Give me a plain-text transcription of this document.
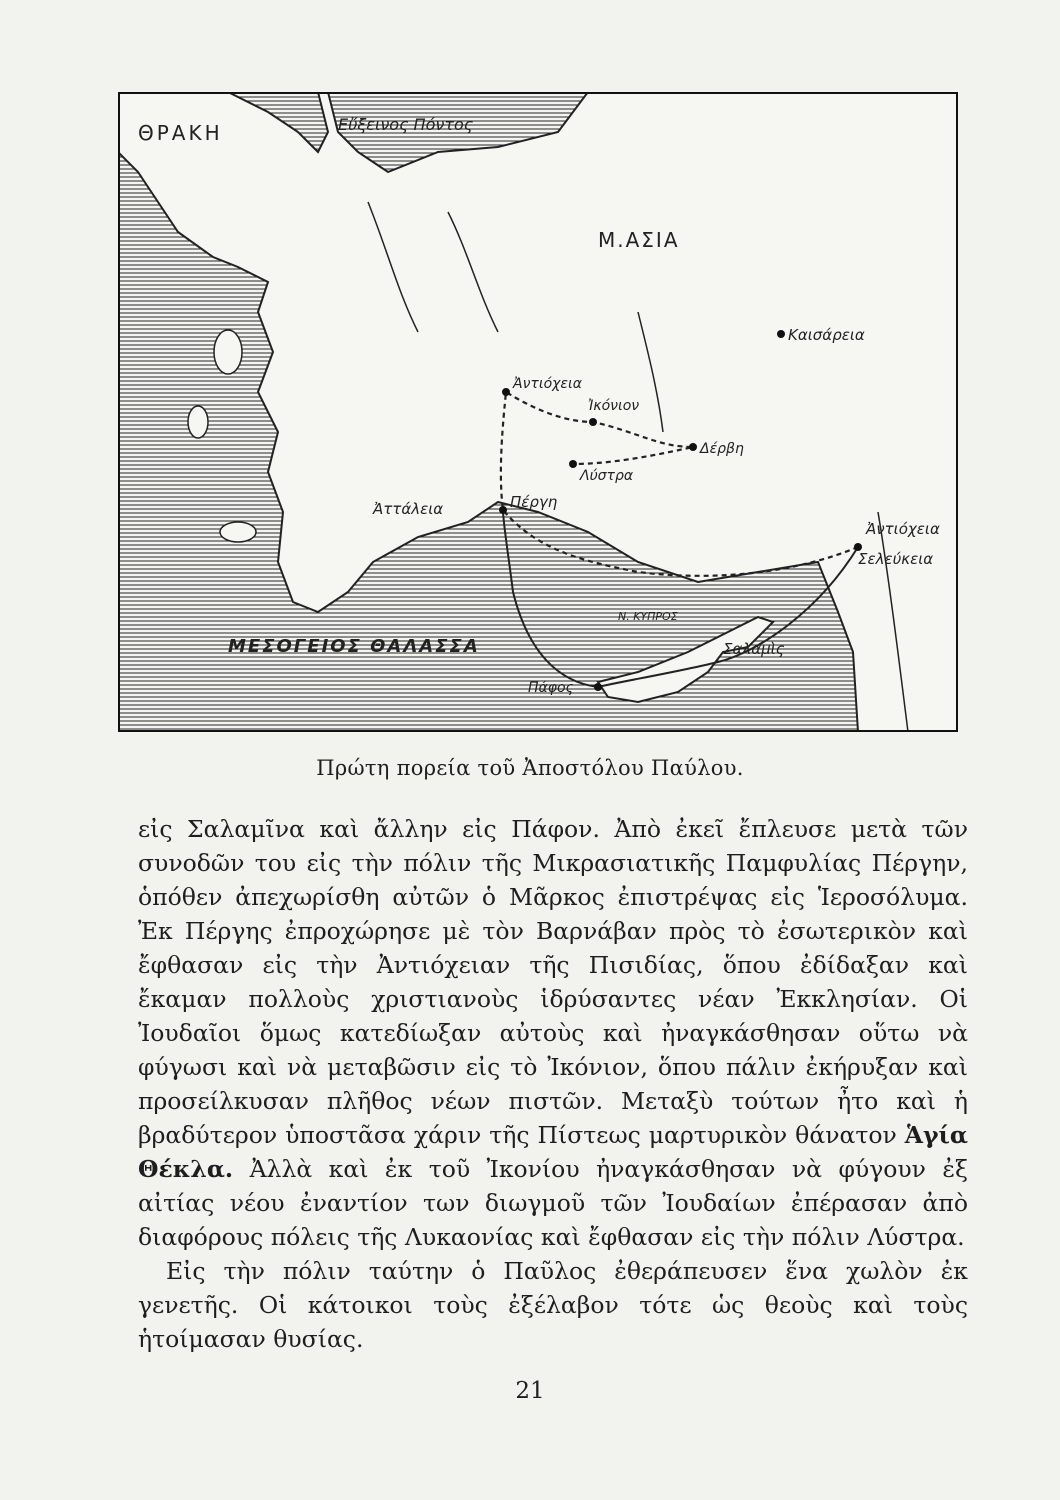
ΘΡΑΚΗ	Εὔξεινος Πόντος
Μ.ΑΣΙΑ
Καισάρεια
Ἀντιόχεια
Ἰκόνιον
Δέρβη
Λύστρα
Ἀττάλεια	Πέργη
Ἀντιόχεια
Σελεύκεια
Ν. ΚΥΠΡΟΣ
ΜΕΣΟΓΕΙΟΣ ΘΑΛΑΣΣΑ	Σαλαμὶς
Πάφος
Πρώτη πορεία τοῦ Ἀποστόλου Παύλου.

εἰς Σαλαμῖνα καὶ ἄλλην εἰς Πάφον. Ἀπὸ ἐκεῖ ἔπλευσε μετὰ τῶν συνοδῶν του εἰς τὴν πόλιν τῆς Μικρασιατικῆς Παμφυλίας Πέργην, ὁπόθεν ἀπεχωρίσθη αὐτῶν ὁ Μᾶρκος ἐπιστρέψας εἰς Ἱεροσόλυμα. Ἐκ Πέργης ἐπροχώρησε μὲ τὸν Βαρνάβαν πρὸς τὸ ἐσωτερικὸν καὶ ἔφθασαν εἰς τὴν Ἀντιόχειαν τῆς Πισιδίας, ὅπου ἐδίδαξαν καὶ ἔκαμαν πολλοὺς χριστιανοὺς ἱδρύσαντες νέαν Ἐκκλησίαν. Οἱ Ἰουδαῖοι ὅμως κατεδίωξαν αὐτοὺς καὶ ἠναγκάσθησαν οὕτω νὰ φύγωσι καὶ νὰ μεταβῶσιν εἰς τὸ Ἰκόνιον, ὅπου πάλιν ἐκήρυξαν καὶ προσείλκυσαν πλῆθος νέων πιστῶν. Μεταξὺ τούτων ἦτο καὶ ἡ βραδύτερον ὑποστᾶσα χάριν τῆς Πίστεως μαρτυρικὸν θάνατον Ἁγία Θέκλα. Ἀλλὰ καὶ ἐκ τοῦ Ἰκονίου ἠναγκάσθησαν νὰ φύγουν ἐξ αἰτίας νέου ἐναντίον των διωγμοῦ τῶν Ἰουδαίων ἐπέρασαν ἀπὸ διαφόρους πόλεις τῆς Λυκαονίας καὶ ἔφθασαν εἰς τὴν πόλιν Λύστρα.

Εἰς τὴν πόλιν ταύτην ὁ Παῦλος ἐθεράπευσεν ἕνα χωλὸν ἐκ γενετῆς. Οἱ κάτοικοι τοὺς ἐξέλαβον τότε ὡς θεοὺς καὶ τοὺς ἡτοίμασαν θυσίας.

21
